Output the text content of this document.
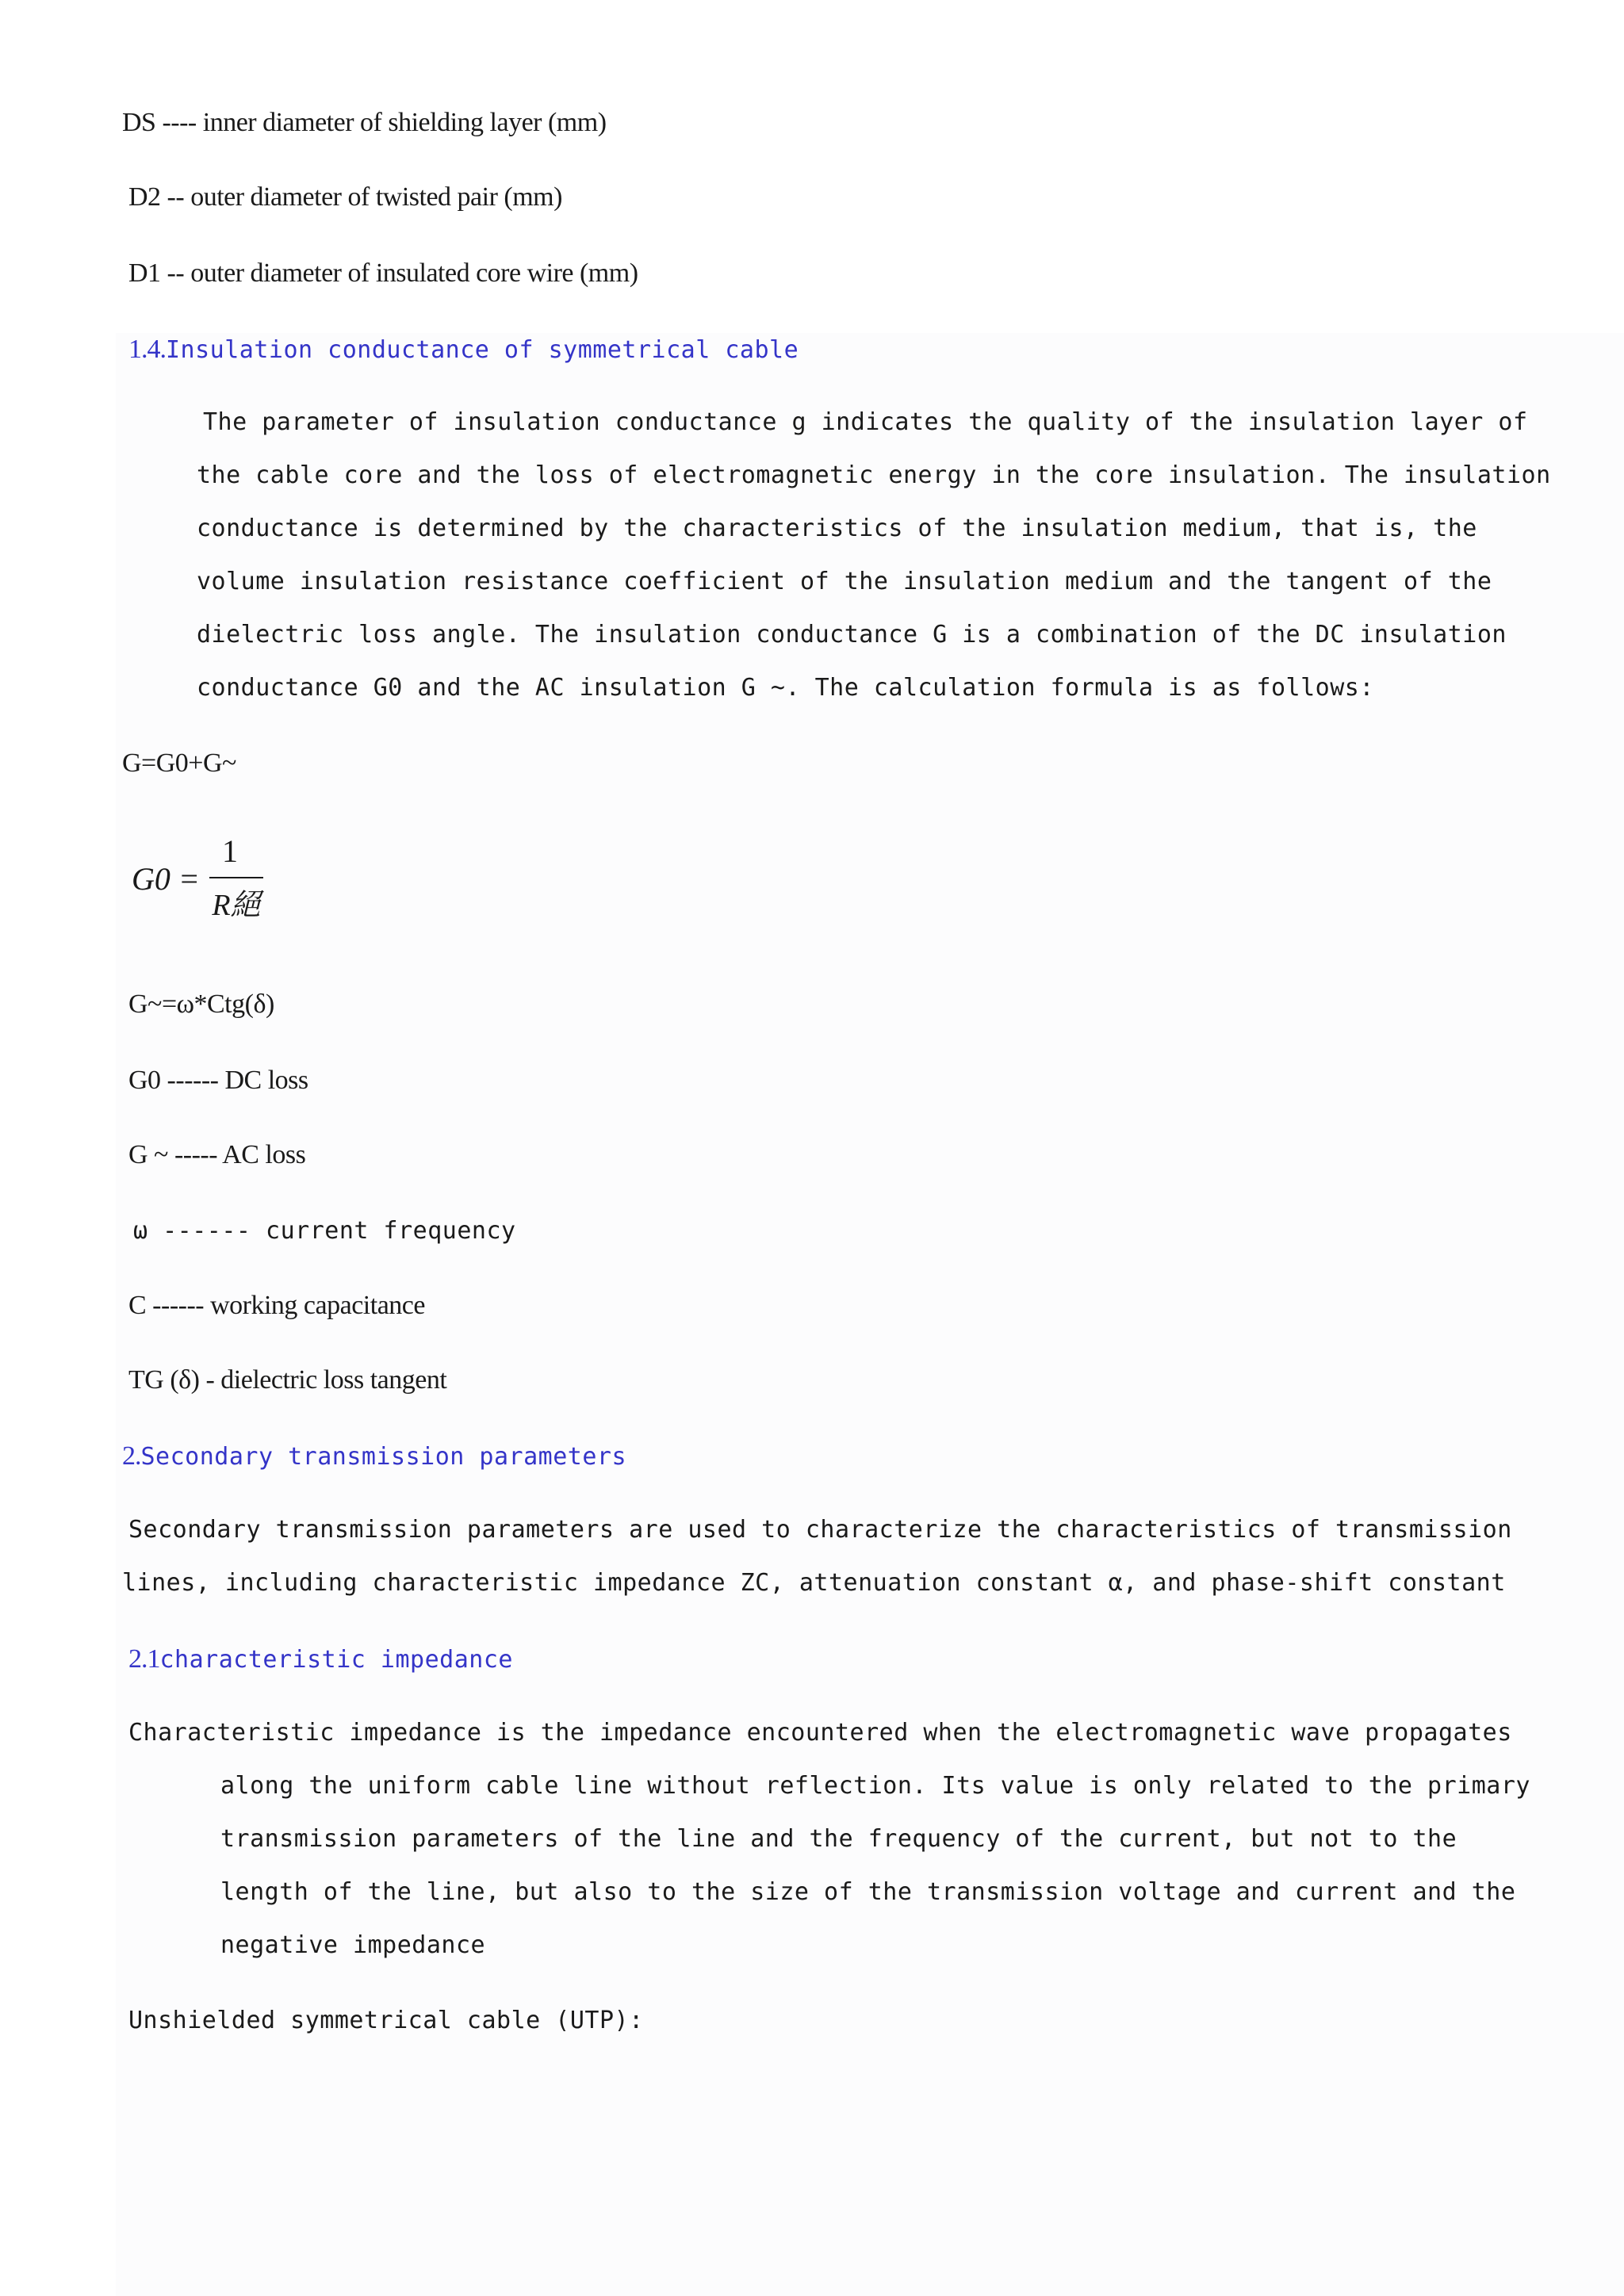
DS ---- inner diameter of shielding layer (mm)
D2 -- outer diameter of twisted pair (mm)
D1 -- outer diameter of insulated core wire (mm)
1.4.Insulation conductance of symmetrical cable
The parameter of insulation conductance g indicates the quality of the insulation layer of
the cable core and the loss of electromagnetic energy in the core insulation. The insulation
conductance is determined by the characteristics of the insulation medium, that is, the
volume insulation resistance coefficient of the insulation medium and the tangent of the
dielectric loss angle. The insulation conductance G is a combination of the DC insulation
conductance G0 and the AC insulation G ~. The calculation formula is as follows:
G=G0+G~
G0 =
1
R絕
G~=ω*Ctg(δ)
G0 ------ DC loss
G ~ ----- AC loss
ω ------ current frequency
C ------ working capacitance
TG (δ) - dielectric loss tangent
2.Secondary transmission parameters
Secondary transmission parameters are used to characterize the characteristics of transmission
lines, including characteristic impedance ZC, attenuation constant α, and phase-shift constant
2.1characteristic impedance
Characteristic impedance is the impedance encountered when the electromagnetic wave propagates
along the uniform cable line without reflection. Its value is only related to the primary
transmission parameters of the line and the frequency of the current, but not to the
length of the line, but also to the size of the transmission voltage and current and the
negative impedance
Unshielded symmetrical cable (UTP):
